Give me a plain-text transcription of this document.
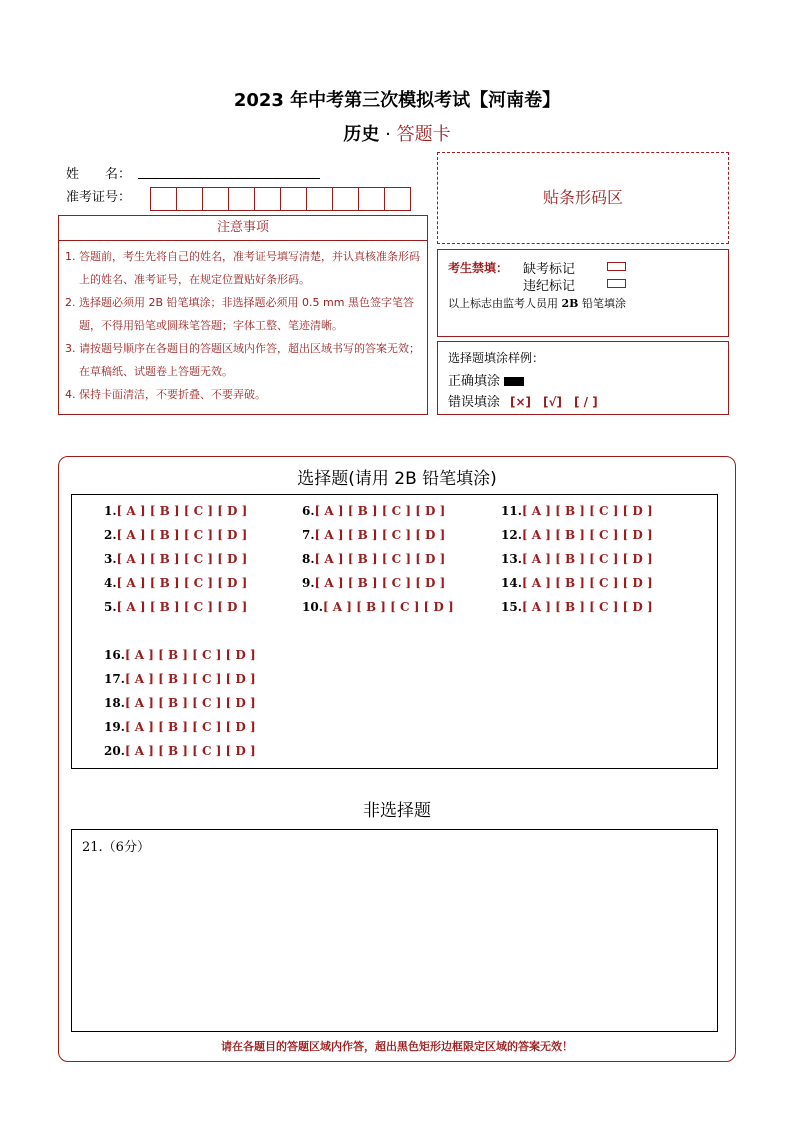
2023 年中考第三次模拟考试【河南卷】
历史 · 答题卡
姓　　名：
准考证号：	贴条形码区
注意事项
1. 答题前，考生先将自己的姓名，准考证号填写清楚，并认真核准条形码上的姓名、准考证号，在规定位置贴好条形码。
2. 选择题必须用 2B 铅笔填涂；非选择题必须用 0.5 mm 黑色签字笔答题，不得用铅笔或圆珠笔答题；字体工整、笔迹清晰。
3. 请按题号顺序在各题目的答题区域内作答，超出区域书写的答案无效；在草稿纸、试题卷上答题无效。
4. 保持卡面清洁，不要折叠、不要弄破。
考生禁填： 缺考标记
违纪标记
以上标志由监考人员用 2B 铅笔填涂
选择题填涂样例：
正确填涂
错误填涂 [×]　[√]　[ / ]
选择题(请用 2B 铅笔填涂)
1.[ A ] [ B ] [ C ] [ D ]
2.[ A ] [ B ] [ C ] [ D ]
3.[ A ] [ B ] [ C ] [ D ]
4.[ A ] [ B ] [ C ] [ D ]
5.[ A ] [ B ] [ C ] [ D ]
6.[ A ] [ B ] [ C ] [ D ]
7.[ A ] [ B ] [ C ] [ D ]
8.[ A ] [ B ] [ C ] [ D ]
9.[ A ] [ B ] [ C ] [ D ]
10.[ A ] [ B ] [ C ] [ D ]
11.[ A ] [ B ] [ C ] [ D ]
12.[ A ] [ B ] [ C ] [ D ]
13.[ A ] [ B ] [ C ] [ D ]
14.[ A ] [ B ] [ C ] [ D ]
15.[ A ] [ B ] [ C ] [ D ]
16.[ A ] [ B ] [ C ] [ D ]
17.[ A ] [ B ] [ C ] [ D ]
18.[ A ] [ B ] [ C ] [ D ]
19.[ A ] [ B ] [ C ] [ D ]
20.[ A ] [ B ] [ C ] [ D ]
非选择题
21.（6分）
请在各题目的答题区域内作答，超出黑色矩形边框限定区域的答案无效！
